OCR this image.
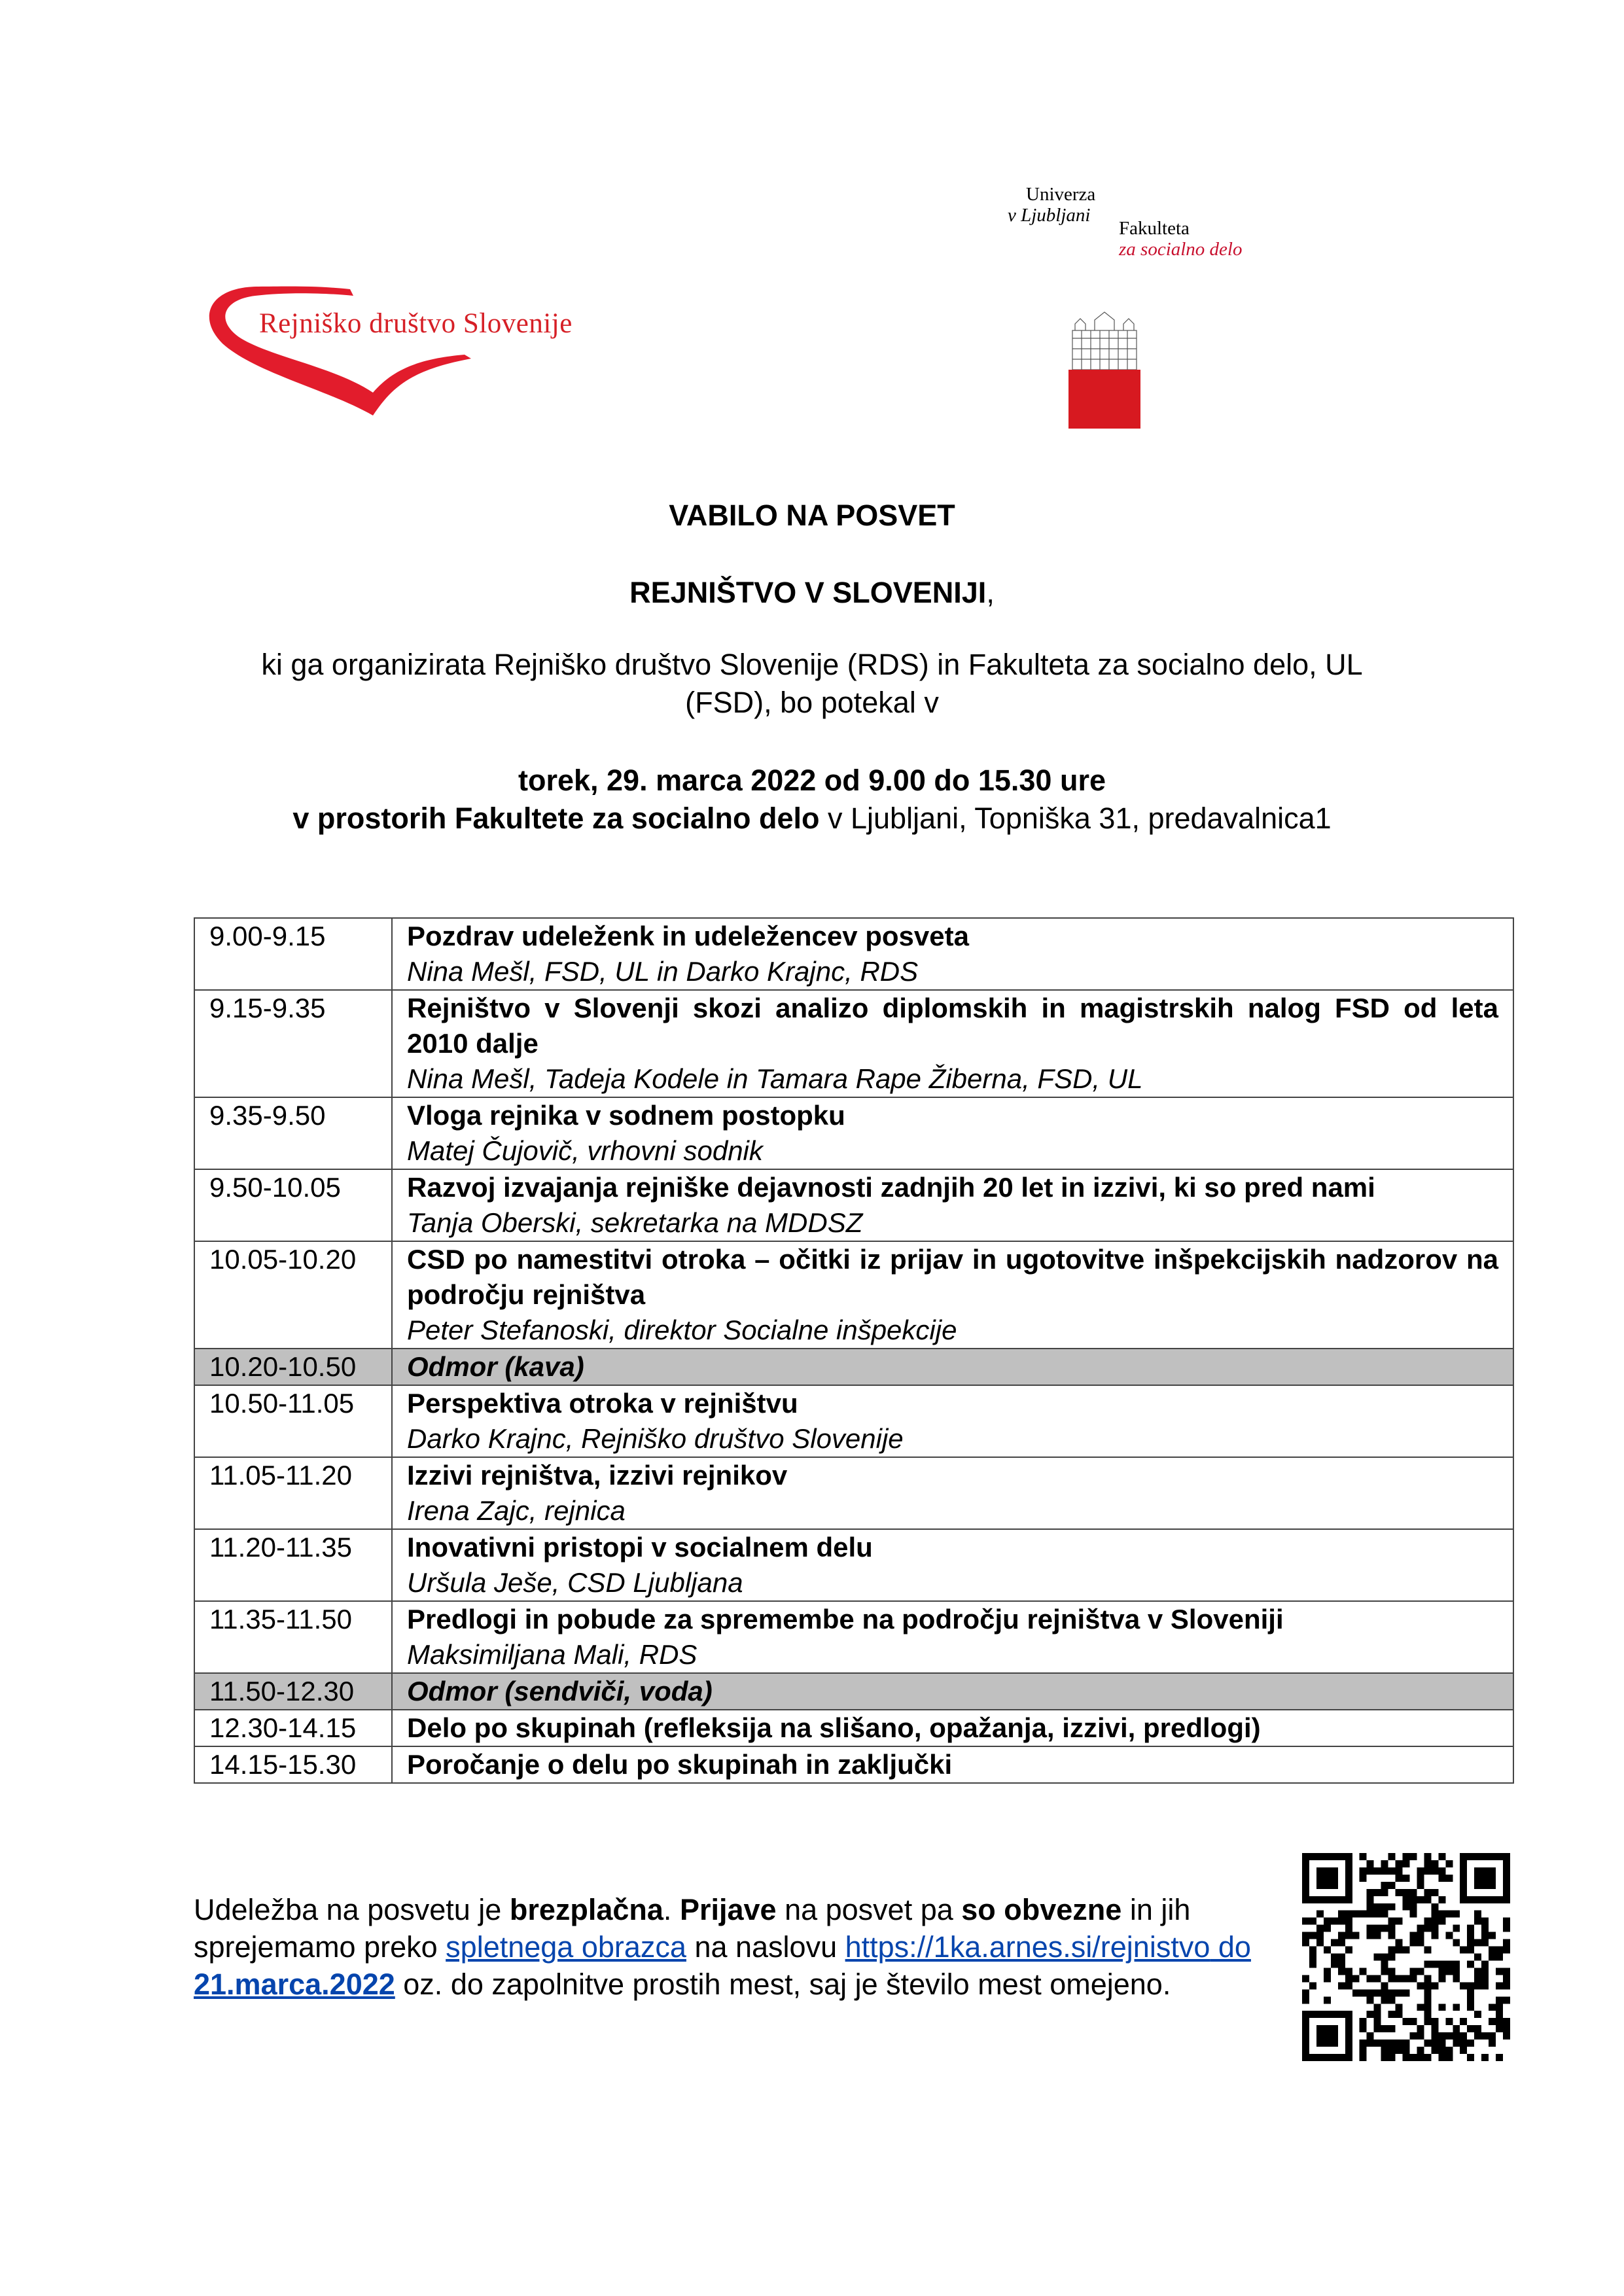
Rejniško društvo Slovenije
Univerza
v Ljubljani
Fakulteta
za socialno delo
VABILO NA POSVET
REJNIŠTVO V SLOVENIJI,
ki ga organizirata Rejniško društvo Slovenije (RDS) in Fakulteta za socialno delo, UL
(FSD), bo potekal v
torek, 29. marca 2022 od 9.00 do 15.30 ure
v prostorih Fakultete za socialno delo v Ljubljani, Topniška 31, predavalnica1
9.00-9.15	Pozdrav udeleženk in udeležencev posveta
Nina Mešl, FSD, UL in Darko Krajnc, RDS

9.15-9.35	Rejništvo v Slovenji skozi analizo diplomskih in magistrskih nalog FSD od leta 2010 dalje
Nina Mešl, Tadeja Kodele in Tamara Rape Žiberna, FSD, UL

9.35-9.50	Vloga rejnika v sodnem postopku
Matej Čujovič, vrhovni sodnik

9.50-10.05	Razvoj izvajanja rejniške dejavnosti zadnjih 20 let in izzivi, ki so pred nami
Tanja Oberski, sekretarka na MDDSZ

10.05-10.20	CSD po namestitvi otroka – očitki iz prijav in ugotovitve inšpekcijskih nadzorov na področju rejništva
Peter Stefanoski, direktor Socialne inšpekcije

10.20-10.50	Odmor (kava)

10.50-11.05	Perspektiva otroka v rejništvu
Darko Krajnc, Rejniško društvo Slovenije

11.05-11.20	Izzivi rejništva, izzivi rejnikov
Irena Zajc, rejnica

11.20-11.35	Inovativni pristopi v socialnem delu
Uršula Ješe, CSD Ljubljana

11.35-11.50	Predlogi in pobude za spremembe na področju rejništva v Sloveniji
Maksimiljana Mali, RDS

11.50-12.30	Odmor (sendviči, voda)

12.30-14.15	Delo po skupinah (refleksija na slišano, opažanja, izzivi, predlogi)

14.15-15.30	Poročanje o delu po skupinah in zaključki
Udeležba na posvetu je brezplačna. Prijave na posvet pa so obvezne in jih sprejemamo preko spletnega obrazca na naslovu https://1ka.arnes.si/rejnistvo do 21.marca.2022 oz. do zapolnitve prostih mest, saj je število mest omejeno.
